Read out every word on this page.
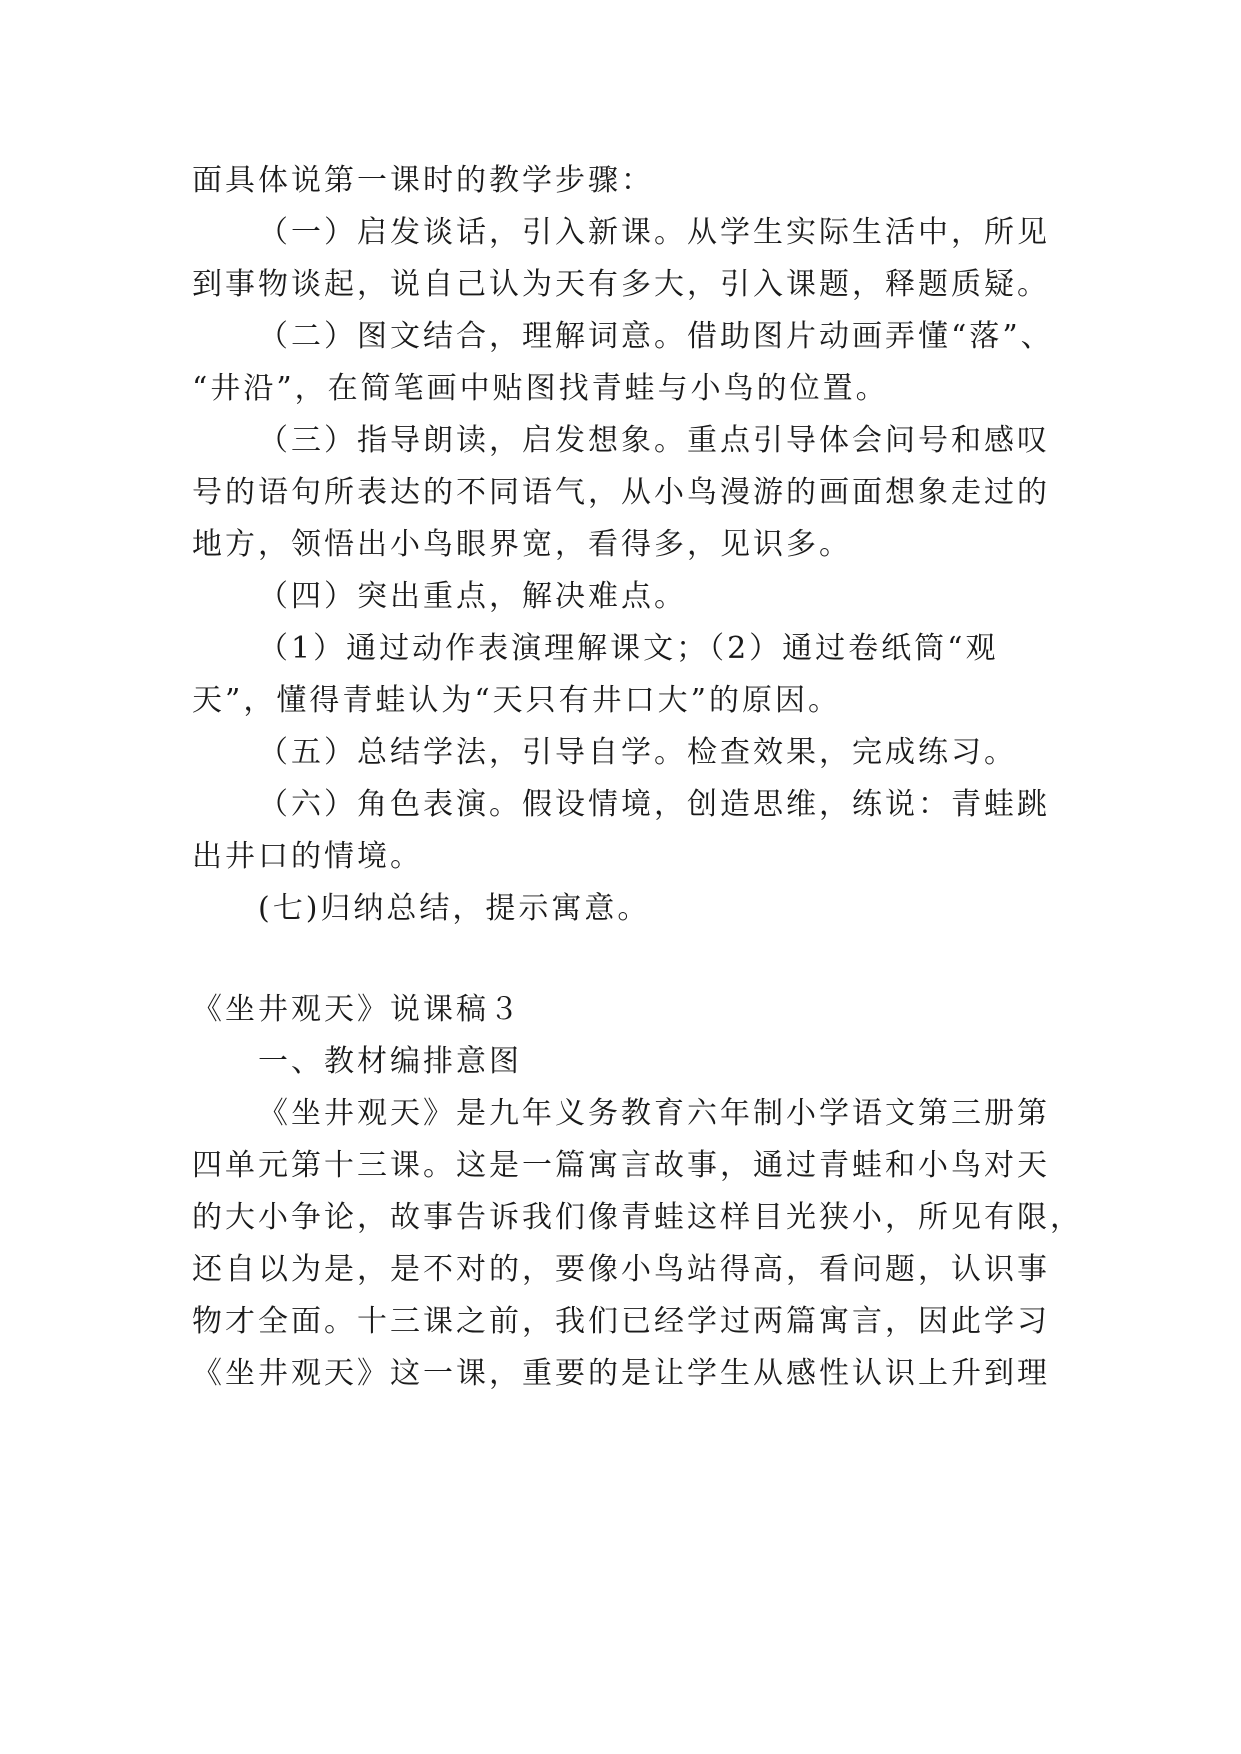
面具体说第一课时的教学步骤：
（一）启发谈话，引入新课。从学生实际生活中，所见
到事物谈起，说自己认为天有多大，引入课题，释题质疑。
（二）图文结合，理解词意。借助图片动画弄懂“落”、
“井沿”，在简笔画中贴图找青蛙与小鸟的位置。
（三）指导朗读，启发想象。重点引导体会问号和感叹
号的语句所表达的不同语气，从小鸟漫游的画面想象走过的
地方，领悟出小鸟眼界宽，看得多，见识多。
（四）突出重点，解决难点。
（1）通过动作表演理解课文；（2）通过卷纸筒“观
天”，懂得青蛙认为“天只有井口大”的原因。
（五）总结学法，引导自学。检查效果，完成练习。
（六）角色表演。假设情境，创造思维，练说：青蛙跳
出井口的情境。
(七)归纳总结，提示寓意。
《坐井观天》说课稿３
一、教材编排意图
《坐井观天》是九年义务教育六年制小学语文第三册第
四单元第十三课。这是一篇寓言故事，通过青蛙和小鸟对天
的大小争论，故事告诉我们像青蛙这样目光狭小，所见有限，
还自以为是，是不对的，要像小鸟站得高，看问题，认识事
物才全面。十三课之前，我们已经学过两篇寓言，因此学习
《坐井观天》这一课，重要的是让学生从感性认识上升到理
